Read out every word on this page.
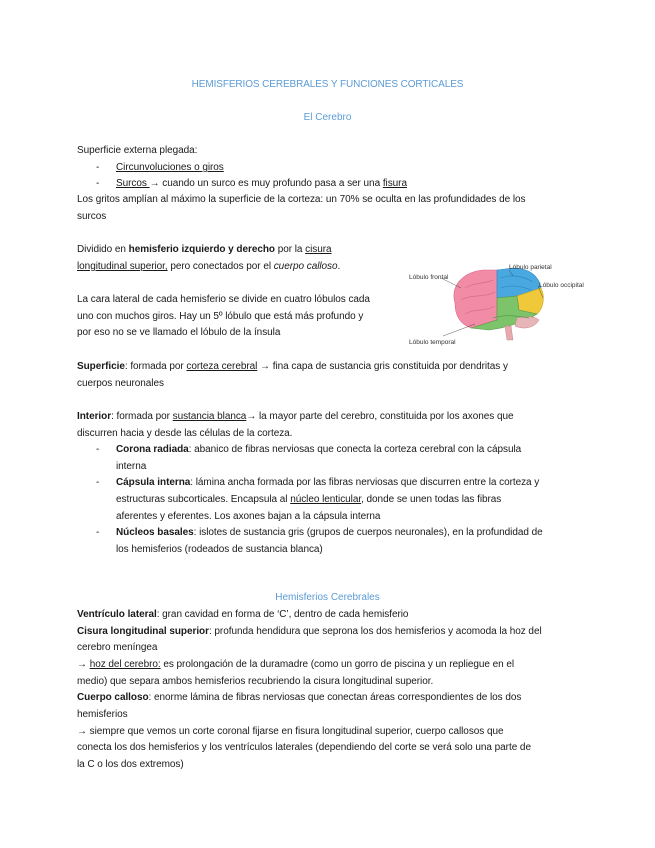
HEMISFERIOS CEREBRALES Y FUNCIONES CORTICALES
El Cerebro
Superficie externa plegada:
- Circunvoluciones o giros
- Surcos → cuando un surco es muy profundo pasa a ser una fisura
Los gritos amplían al máximo la superficie de la corteza: un 70% se oculta en las profundidades de los
surcos
Dividido en hemisferio izquierdo y derecho por la cisura
longitudinal superior, pero conectados por el cuerpo calloso.
La cara lateral de cada hemisferio se divide en cuatro lóbulos cada
uno con muchos giros. Hay un 5º lóbulo que está más profundo y
por eso no se ve llamado el lóbulo de la ínsula
Lóbulo frontal
Lóbulo parietal
Lóbulo occipital
Lóbulo temporal
Superficie: formada por corteza cerebral → fina capa de sustancia gris constituida por dendritas y
cuerpos neuronales
Interior: formada por sustancia blanca→ la mayor parte del cerebro, constituida por los axones que
discurren hacia y desde las células de la corteza.
- Corona radiada: abanico de fibras nerviosas que conecta la corteza cerebral con la cápsula
interna
- Cápsula interna: lámina ancha formada por las fibras nerviosas que discurren entre la corteza y
estructuras subcorticales. Encapsula al núcleo lenticular, donde se unen todas las fibras
aferentes y eferentes. Los axones bajan a la cápsula interna
- Núcleos basales: islotes de sustancia gris (grupos de cuerpos neuronales), en la profundidad de
los hemisferios (rodeados de sustancia blanca)
Hemisferios Cerebrales
Ventrículo lateral: gran cavidad en forma de ‘C’, dentro de cada hemisferio
Cisura longitudinal superior: profunda hendidura que seprona los dos hemisferios y acomoda la hoz del
cerebro meníngea
→ hoz del cerebro: es prolongación de la duramadre (como un gorro de piscina y un repliegue en el
medio) que separa ambos hemisferios recubriendo la cisura longitudinal superior.
Cuerpo calloso: enorme lámina de fibras nerviosas que conectan áreas correspondientes de los dos
hemisferios
→ siempre que vemos un corte coronal fijarse en fisura longitudinal superior, cuerpo callosos que
conecta los dos hemisferios y los ventrículos laterales (dependiendo del corte se verá solo una parte de
la C o los dos extremos)
